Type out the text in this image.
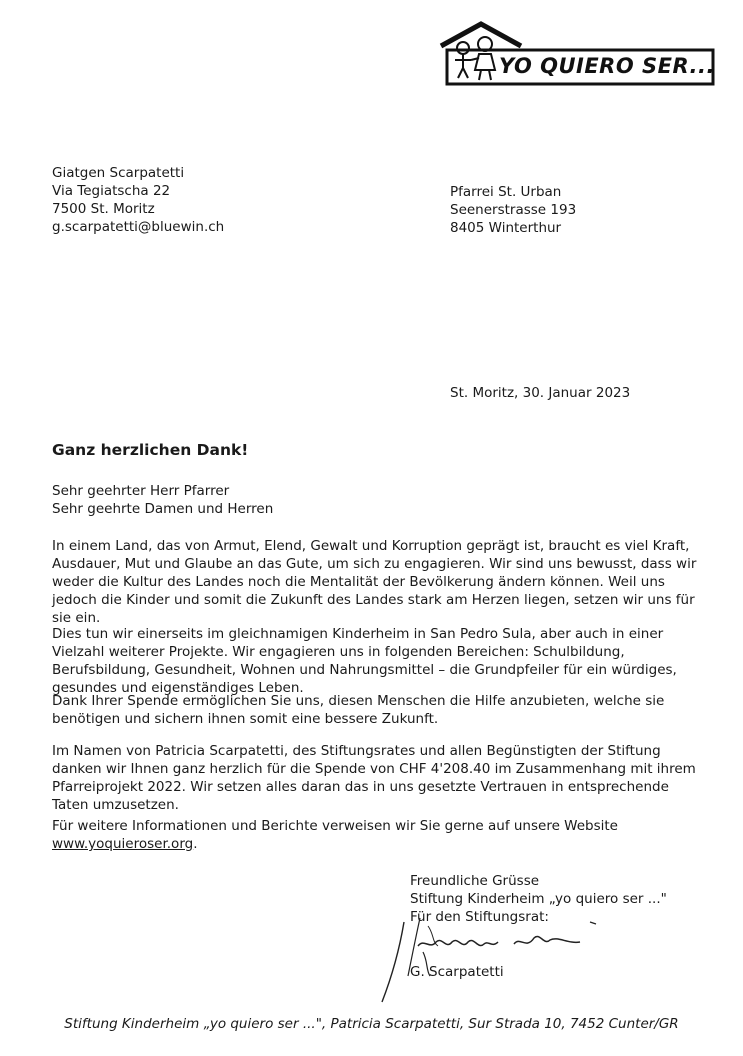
YO QUIERO SER...
Giatgen Scarpatetti
Via Tegiatscha 22
7500 St. Moritz
g.scarpatetti@bluewin.ch
Pfarrei St. Urban
Seenerstrasse 193
8405 Winterthur
St. Moritz, 30. Januar 2023
Ganz herzlichen Dank!
Sehr geehrter Herr Pfarrer
Sehr geehrte Damen und Herren
In einem Land, das von Armut, Elend, Gewalt und Korruption geprägt ist, braucht es viel Kraft, Ausdauer, Mut und Glaube an das Gute, um sich zu engagieren. Wir sind uns bewusst, dass wir weder die Kultur des Landes noch die Mentalität der Bevölkerung ändern können. Weil uns jedoch die Kinder und somit die Zukunft des Landes stark am Herzen liegen, setzen wir uns für sie ein.
Dies tun wir einerseits im gleichnamigen Kinderheim in San Pedro Sula, aber auch in einer Vielzahl weiterer Projekte. Wir engagieren uns in folgenden Bereichen: Schulbildung, Berufsbildung, Gesundheit, Wohnen und Nahrungsmittel – die Grundpfeiler für ein würdiges, gesundes und eigenständiges Leben.
Dank Ihrer Spende ermöglichen Sie uns, diesen Menschen die Hilfe anzubieten, welche sie benötigen und sichern ihnen somit eine bessere Zukunft.
Im Namen von Patricia Scarpatetti, des Stiftungsrates und allen Begünstigten der Stiftung danken wir Ihnen ganz herzlich für die Spende von CHF 4'208.40 im Zusammenhang mit ihrem Pfarreiprojekt 2022. Wir setzen alles daran das in uns gesetzte Vertrauen in entsprechende Taten umzusetzen.
Für weitere Informationen und Berichte verweisen wir Sie gerne auf unsere Website
www.yoquieroser.org.
Freundliche Grüsse
Stiftung Kinderheim „yo quiero ser ..."
Für den Stiftungsrat:
G. Scarpatetti
Stiftung Kinderheim „yo quiero ser ...", Patricia Scarpatetti, Sur Strada 10, 7452 Cunter/GR
